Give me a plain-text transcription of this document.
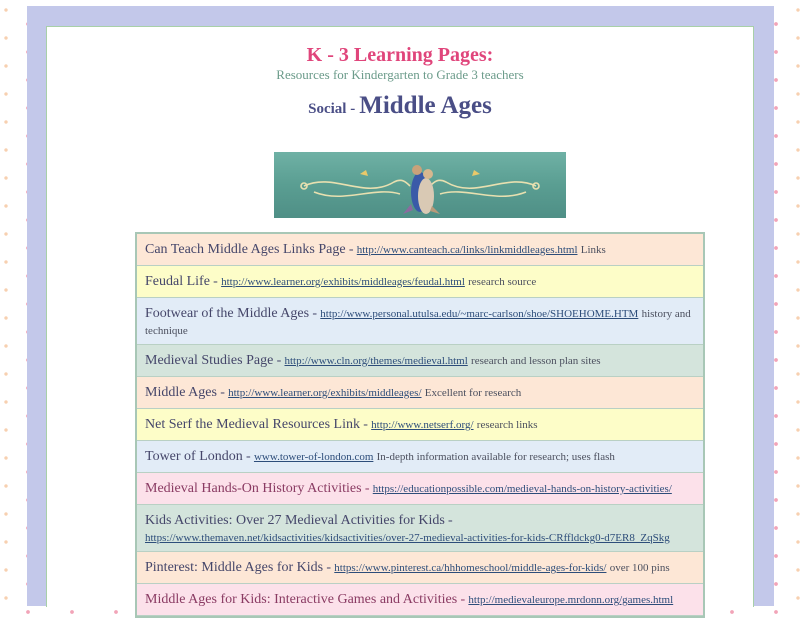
K - 3 Learning Pages:
Resources for Kindergarten to Grade 3 teachers
Social - Middle Ages
Can Teach Middle Ages Links Page - http://www.canteach.ca/links/linkmiddleages.html Links
Feudal Life - http://www.learner.org/exhibits/middleages/feudal.html research source
Footwear of the Middle Ages - http://www.personal.utulsa.edu/~marc-carlson/shoe/SHOEHOME.HTM history and technique
Medieval Studies Page - http://www.cln.org/themes/medieval.html research and lesson plan sites
Middle Ages - http://www.learner.org/exhibits/middleages/ Excellent for research
Net Serf the Medieval Resources Link - http://www.netserf.org/ research links
Tower of London - www.tower-of-london.com In-depth information available for research; uses flash
Medieval Hands-On History Activities - https://educationpossible.com/medieval-hands-on-history-activities/
Kids Activities: Over 27 Medieval Activities for Kids - https://www.themaven.net/kidsactivities/kidsactivities/over-27-medieval-activities-for-kids-CRffldckg0-d7ER8_ZqSkg
Pinterest: Middle Ages for Kids - https://www.pinterest.ca/hhhomeschool/middle-ages-for-kids/ over 100 pins
Middle Ages for Kids: Interactive Games and Activities - http://medievaleurope.mrdonn.org/games.html
